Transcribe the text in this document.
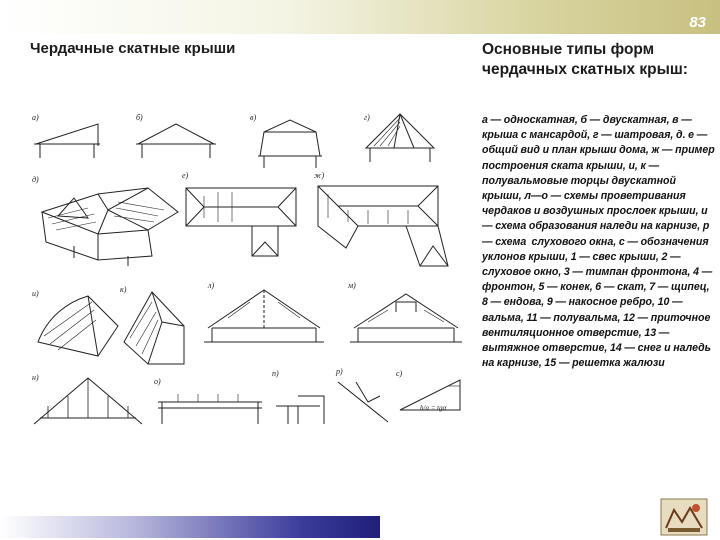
83
Чердачные скатные крыши	Основные типы форм чердачных скатных крыш:
а — односкатная, б — двускатная, в — крыша с мансардой, г — шатровая, д. е — общий вид и план крыши дома, ж — пример построения ската крыши, и, к — полувальмовые торцы двускатной крыши, л—о — схемы проветривания чердаков и воздушных прослоек крыши, и — схема образования наледи на карнизе, р — схема  слухового окна, с — обозначения уклонов крыши, 1 — свес крыши, 2 — слуховое окно, 3 — тимпан фронтона, 4 — фронтон, 5 — конек, 6 — скат, 7 — щипец, 8 — ендова, 9 — накосное ребро, 10 — вальма, 11 — полувальма, 12 — приточное вентиляционное отверстие, 13 — вытяжное отверстие, 14 — снег и наледь на карнизе, 15 — решетка жалюзи
а)	б)	в)	г)
д)	е)	ж)
и)	к)	л)	м)
н)	о)
п)	р)	с)
h/a = tgα
